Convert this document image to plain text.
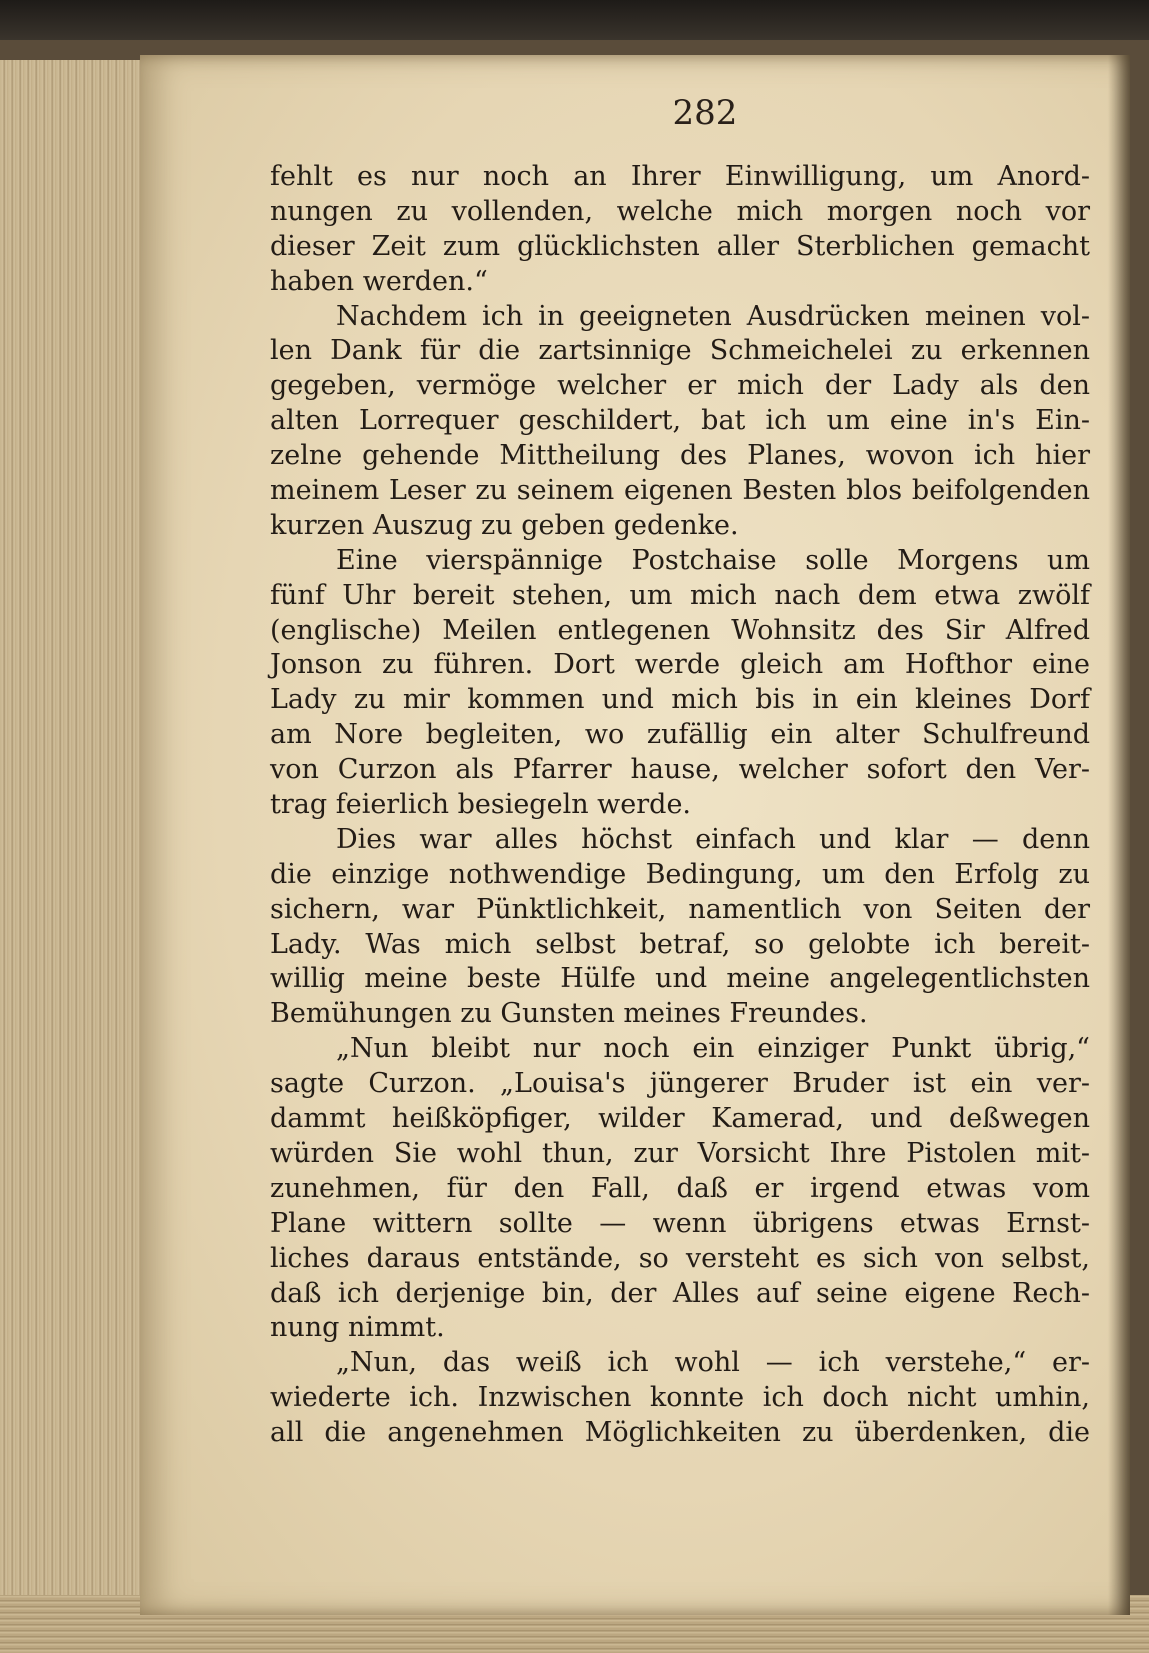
282
fehlt es nur noch an Ihrer Einwilligung, um Anord-
nungen zu vollenden, welche mich morgen noch vor
dieser Zeit zum glücklichsten aller Sterblichen gemacht
haben werden.“
Nachdem ich in geeigneten Ausdrücken meinen vol-
len Dank für die zartsinnige Schmeichelei zu erkennen
gegeben, vermöge welcher er mich der Lady als den
alten Lorrequer geschildert, bat ich um eine in's Ein-
zelne gehende Mittheilung des Planes, wovon ich hier
meinem Leser zu seinem eigenen Besten blos beifolgenden
kurzen Auszug zu geben gedenke.
Eine vierspännige Postchaise solle Morgens um
fünf Uhr bereit stehen, um mich nach dem etwa zwölf
(englische) Meilen entlegenen Wohnsitz des Sir Alfred
Jonson zu führen. Dort werde gleich am Hofthor eine
Lady zu mir kommen und mich bis in ein kleines Dorf
am Nore begleiten, wo zufällig ein alter Schulfreund
von Curzon als Pfarrer hause, welcher sofort den Ver-
trag feierlich besiegeln werde.
Dies war alles höchst einfach und klar — denn
die einzige nothwendige Bedingung, um den Erfolg zu
sichern, war Pünktlichkeit, namentlich von Seiten der
Lady. Was mich selbst betraf, so gelobte ich bereit-
willig meine beste Hülfe und meine angelegentlichsten
Bemühungen zu Gunsten meines Freundes.
„Nun bleibt nur noch ein einziger Punkt übrig,“
sagte Curzon. „Louisa's jüngerer Bruder ist ein ver-
dammt heißköpfiger, wilder Kamerad, und deßwegen
würden Sie wohl thun, zur Vorsicht Ihre Pistolen mit-
zunehmen, für den Fall, daß er irgend etwas vom
Plane wittern sollte — wenn übrigens etwas Ernst-
liches daraus entstände, so versteht es sich von selbst,
daß ich derjenige bin, der Alles auf seine eigene Rech-
nung nimmt.
„Nun, das weiß ich wohl — ich verstehe,“ er-
wiederte ich. Inzwischen konnte ich doch nicht umhin,
all die angenehmen Möglichkeiten zu überdenken, die
